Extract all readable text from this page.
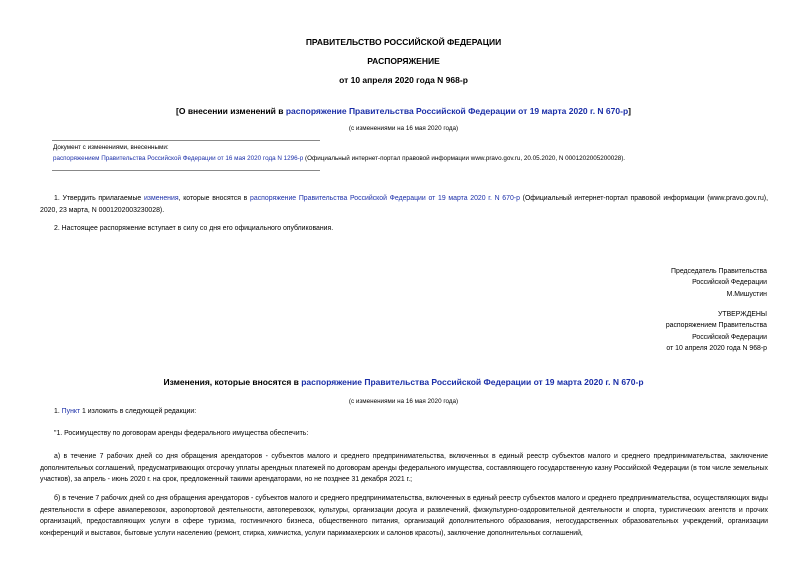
ПРАВИТЕЛЬСТВО РОССИЙСКОЙ ФЕДЕРАЦИИ
РАСПОРЯЖЕНИЕ
от 10 апреля 2020 года N 968-р
[О внесении изменений в распоряжение Правительства Российской Федерации от 19 марта 2020 г. N 670-р]
(с изменениями на 16 мая 2020 года)
Документ с изменениями, внесенными:
распоряжением Правительства Российской Федерации от 16 мая 2020 года N 1296-р (Официальный интернет-портал правовой информации www.pravo.gov.ru, 20.05.2020, N 0001202005200028).
1. Утвердить прилагаемые изменения, которые вносятся в распоряжение Правительства Российской Федерации от 19 марта 2020 г. N 670-р (Официальный интернет-портал правовой информации (www.pravo.gov.ru), 2020, 23 марта, N 0001202003230028).
2. Настоящее распоряжение вступает в силу со дня его официального опубликования.
Председатель Правительства
Российской Федерации
М.Мишустин
УТВЕРЖДЕНЫ
распоряжением Правительства
Российской Федерации
от 10 апреля 2020 года N 968-р
Изменения, которые вносятся в распоряжение Правительства Российской Федерации от 19 марта 2020 г. N 670-р
(с изменениями на 16 мая 2020 года)
1. Пункт 1 изложить в следующей редакции:
"1. Росимуществу по договорам аренды федерального имущества обеспечить:
а) в течение 7 рабочих дней со дня обращения арендаторов - субъектов малого и среднего предпринимательства, включенных в единый реестр субъектов малого и среднего предпринимательства, заключение дополнительных соглашений, предусматривающих отсрочку уплаты арендных платежей по договорам аренды федерального имущества, составляющего государственную казну Российской Федерации (в том числе земельных участков), за апрель - июнь 2020 г. на срок, предложенный такими арендаторами, но не позднее 31 декабря 2021 г.;
б) в течение 7 рабочих дней со дня обращения арендаторов - субъектов малого и среднего предпринимательства, включенных в единый реестр субъектов малого и среднего предпринимательства, осуществляющих виды деятельности в сфере авиаперевозок, аэропортовой деятельности, автоперевозок, культуры, организации досуга и развлечений, физкультурно-оздоровительной деятельности и спорта, туристических агентств и прочих организаций, предоставляющих услуги в сфере туризма, гостиничного бизнеса, общественного питания, организаций дополнительного образования, негосударственных образовательных учреждений, организации конференций и выставок, бытовые услуги населению (ремонт, стирка, химчистка, услуги парикмахерских и салонов красоты), заключение дополнительных соглашений,
